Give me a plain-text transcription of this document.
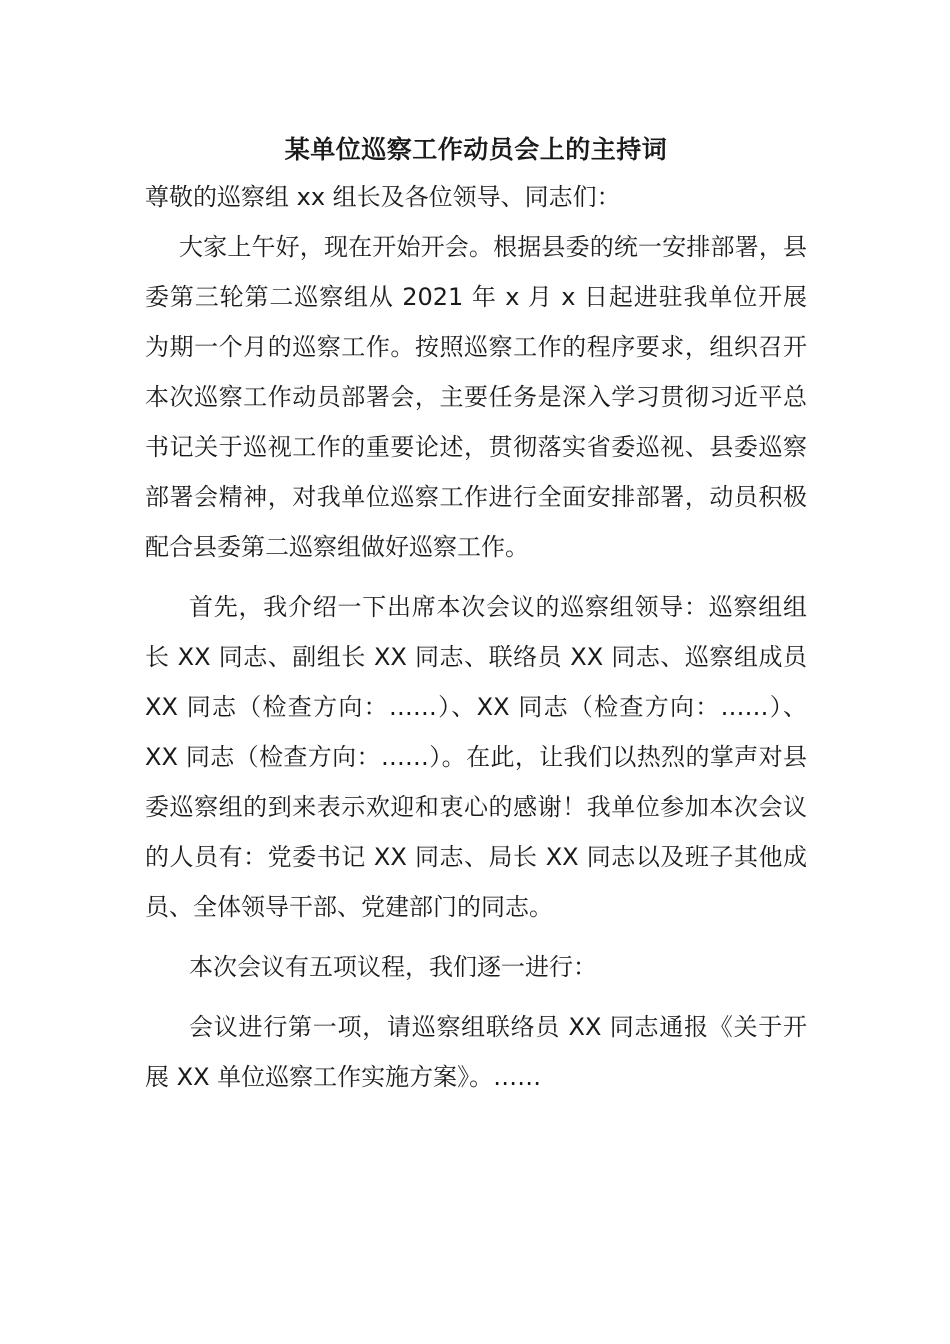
某单位巡察工作动员会上的主持词

尊敬的巡察组 xx 组长及各位领导、同志们：

大家上午好，现在开始开会。根据县委的统一安排部署，县委第三轮第二巡察组从 2021 年 x 月 x 日起进驻我单位开展为期一个月的巡察工作。按照巡察工作的程序要求，组织召开本次巡察工作动员部署会，主要任务是深入学习贯彻习近平总书记关于巡视工作的重要论述，贯彻落实省委巡视、县委巡察部署会精神，对我单位巡察工作进行全面安排部署，动员积极配合县委第二巡察组做好巡察工作。

首先，我介绍一下出席本次会议的巡察组领导：巡察组组长 XX 同志、副组长 XX 同志、联络员 XX 同志、巡察组成员 XX 同志（检查方向：……）、XX 同志（检查方向：……）、XX 同志（检查方向：……）。在此，让我们以热烈的掌声对县委巡察组的到来表示欢迎和衷心的感谢！我单位参加本次会议的人员有：党委书记 XX 同志、局长 XX 同志以及班子其他成员、全体领导干部、党建部门的同志。

本次会议有五项议程，我们逐一进行：

会议进行第一项，请巡察组联络员 XX 同志通报《关于开展 XX 单位巡察工作实施方案》。……
